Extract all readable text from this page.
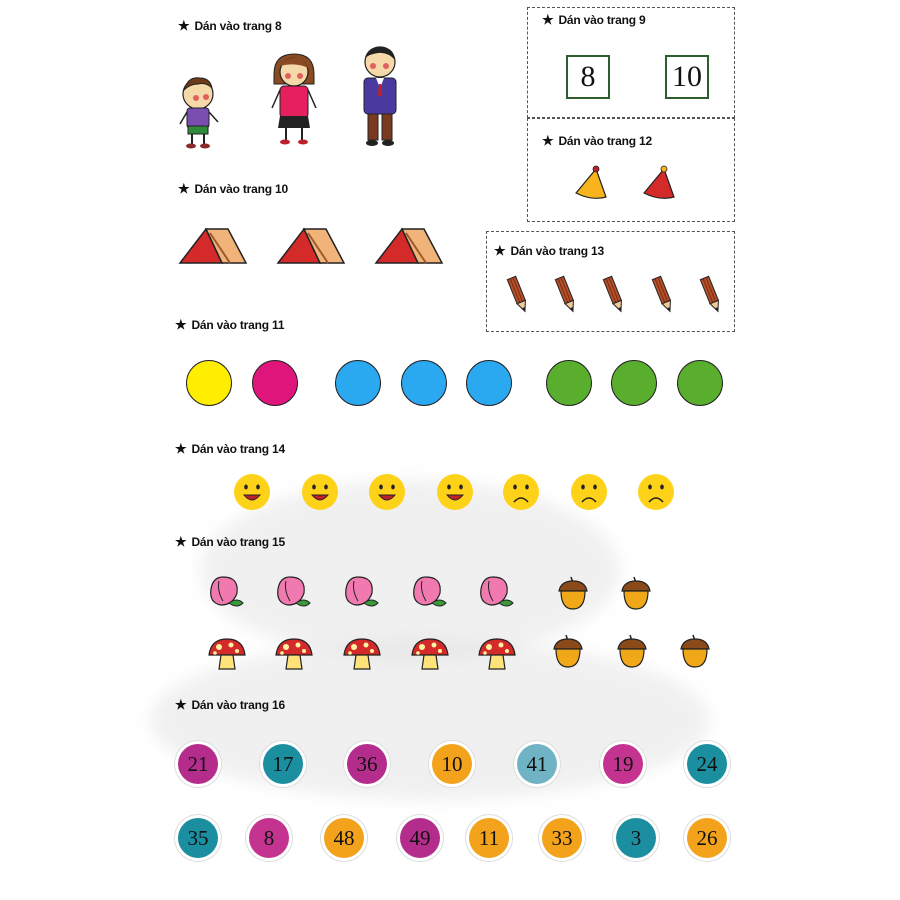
★ Dán vào trang 8	★ Dán vào trang 9
8	10
★ Dán vào trang 12
★ Dán vào trang 10
★ Dán vào trang 13
★ Dán vào trang 11
★ Dán vào trang 14
★ Dán vào trang 15
★ Dán vào trang 16
21	17	36	10	41	19	24
35	8	48	49	11	33	3	26
